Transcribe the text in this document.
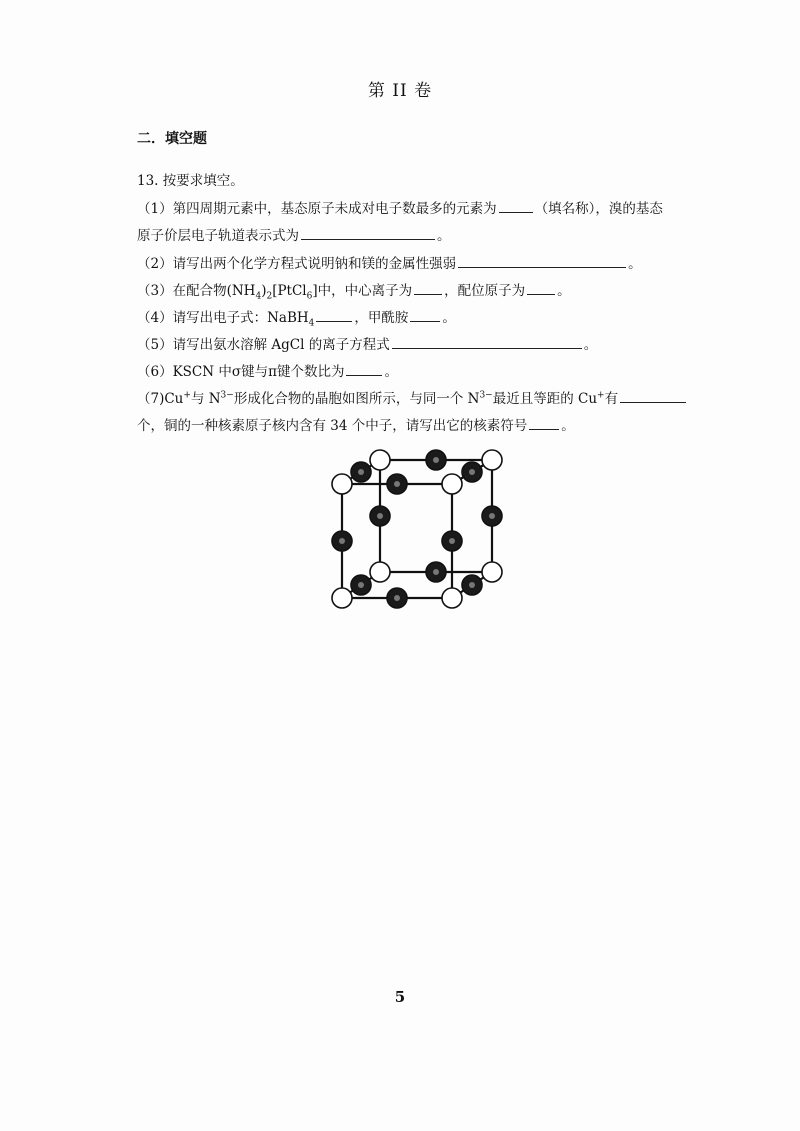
第 II 卷
二．填空题
13. 按要求填空。
（1）第四周期元素中，基态原子未成对电子数最多的元素为	（填名称），溴的基态
原子价层电子轨道表示式为	。
（2）请写出两个化学方程式说明钠和镁的金属性强弱	。
（3）在配合物$(NH_4)_2[PtCl_6]$中，中心离子为 ，配位原子为 。
（4）请写出电子式：NaBH$_4$	，甲酰胺	。
（5）请写出氨水溶解 AgCl 的离子方程式	。
（6）KSCN 中σ键与π键个数比为	。
（7)Cu+与 $N^{3-}$形成化合物的晶胞如图所示，与同一个 $N^{3-}$最近且等距的 Cu+有
个，铜的一种核素原子核内含有 34 个中子，请写出它的核素符号	。
5
